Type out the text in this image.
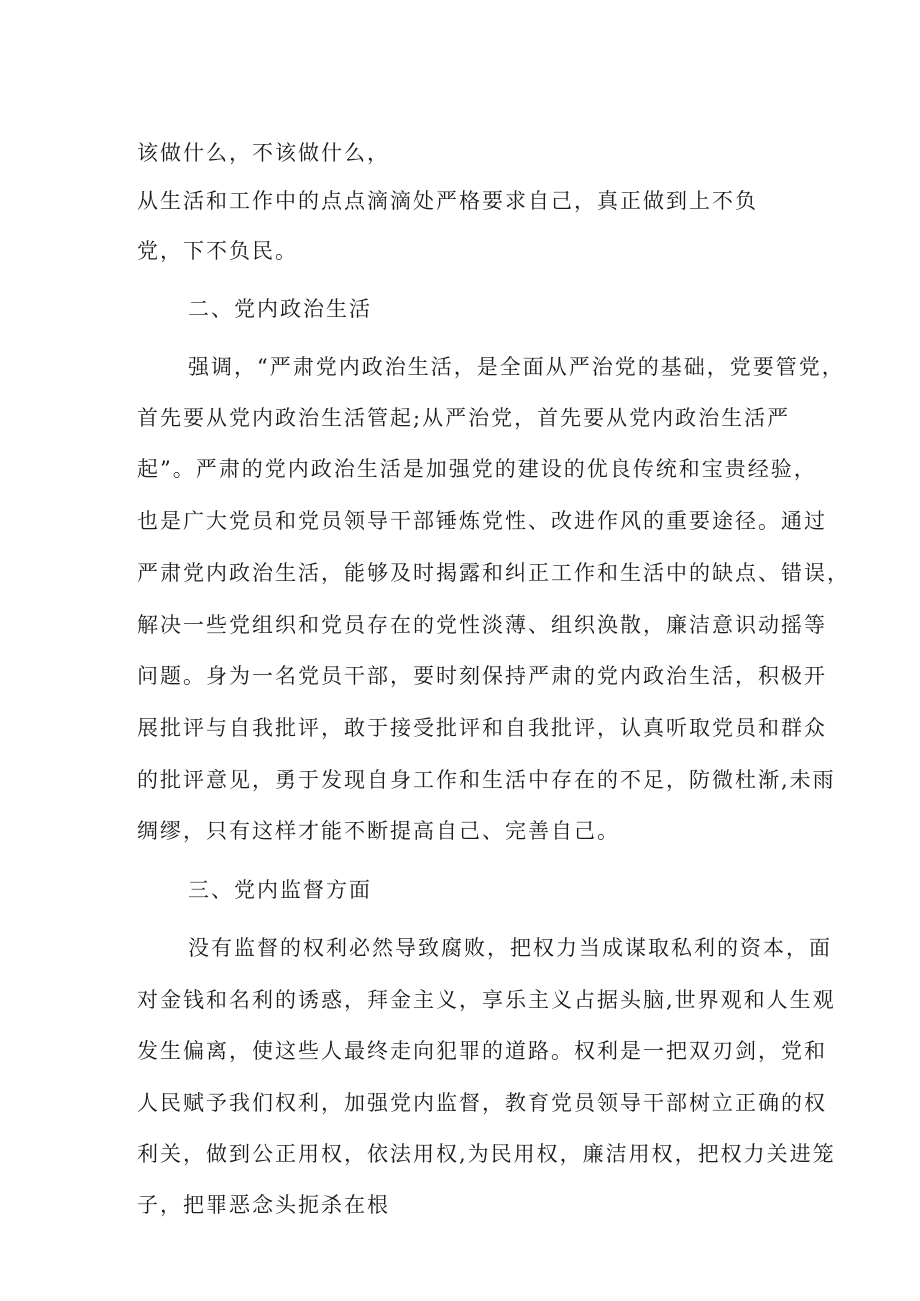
该做什么，不该做什么，
从生活和工作中的点点滴滴处严格要求自己，真正做到上不负
党，下不负民。
二、党内政治生活
强调，“严肃党内政治生活，是全面从严治党的基础，党要管党，
首先要从党内政治生活管起;从严治党，首先要从党内政治生活严
起”。严肃的党内政治生活是加强党的建设的优良传统和宝贵经验，
也是广大党员和党员领导干部锤炼党性、改进作风的重要途径。通过
严肃党内政治生活，能够及时揭露和纠正工作和生活中的缺点、错误，
解决一些党组织和党员存在的党性淡薄、组织涣散，廉洁意识动摇等
问题。身为一名党员干部，要时刻保持严肃的党内政治生活，积极开
展批评与自我批评，敢于接受批评和自我批评，认真听取党员和群众
的批评意见，勇于发现自身工作和生活中存在的不足，防微杜渐,未雨
绸缪，只有这样才能不断提高自己、完善自己。
三、党内监督方面
没有监督的权利必然导致腐败，把权力当成谋取私利的资本，面
对金钱和名利的诱惑，拜金主义，享乐主义占据头脑,世界观和人生观
发生偏离，使这些人最终走向犯罪的道路。权利是一把双刃剑，党和
人民赋予我们权利，加强党内监督，教育党员领导干部树立正确的权
利关，做到公正用权，依法用权,为民用权，廉洁用权，把权力关进笼
子，把罪恶念头扼杀在根
